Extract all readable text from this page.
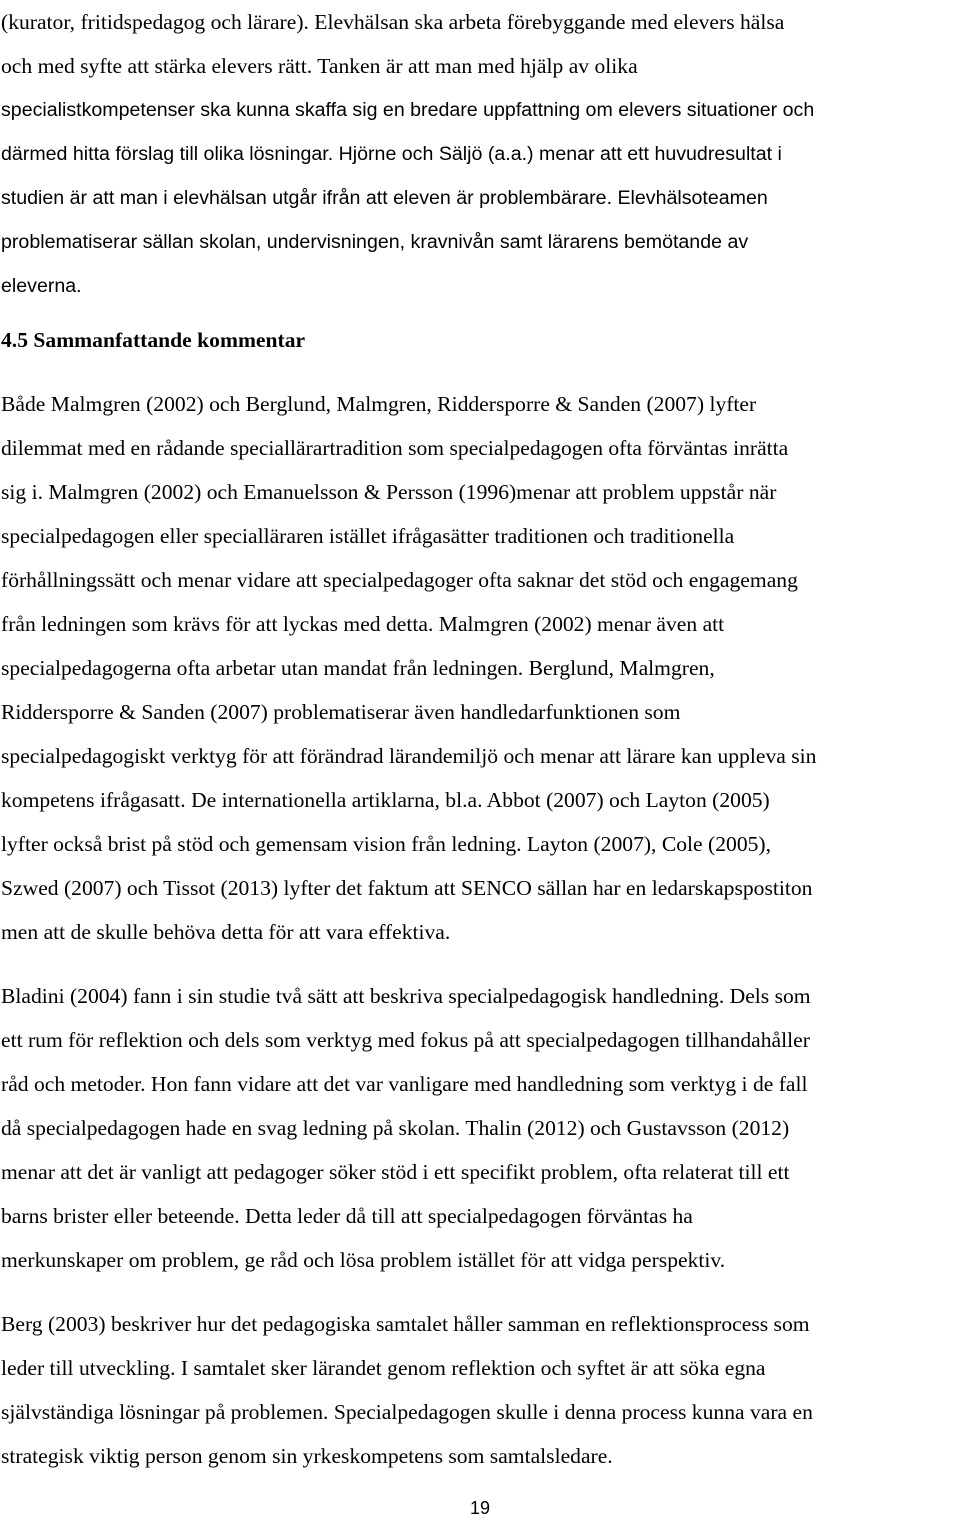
(kurator, fritidspedagog och lärare). Elevhälsan ska arbeta förebyggande med elevers hälsa
och med syfte att stärka elevers rätt. Tanken är att man med hjälp av olika
specialistkompetenser ska kunna skaffa sig en bredare uppfattning om elevers situationer och
därmed hitta förslag till olika lösningar. Hjörne och Säljö (a.a.) menar att ett huvudresultat i
studien är att man i elevhälsan utgår ifrån att eleven är problembärare. Elevhälsoteamen
problematiserar sällan skolan, undervisningen, kravnivån samt lärarens bemötande av
eleverna.
4.5 Sammanfattande kommentar
Både Malmgren (2002) och Berglund, Malmgren, Riddersporre & Sanden (2007) lyfter
dilemmat med en rådande speciallärartradition som specialpedagogen ofta förväntas inrätta
sig i. Malmgren (2002) och Emanuelsson & Persson (1996)menar att problem uppstår när
specialpedagogen eller specialläraren istället ifrågasätter traditionen och traditionella
förhållningssätt och menar vidare att specialpedagoger ofta saknar det stöd och engagemang
från ledningen som krävs för att lyckas med detta. Malmgren (2002) menar även att
specialpedagogerna ofta arbetar utan mandat från ledningen. Berglund, Malmgren,
Riddersporre & Sanden (2007) problematiserar även handledarfunktionen som
specialpedagogiskt verktyg för att förändrad lärandemiljö och menar att lärare kan uppleva sin
kompetens ifrågasatt. De internationella artiklarna, bl.a. Abbot (2007) och Layton (2005)
lyfter också brist på stöd och gemensam vision från ledning. Layton (2007), Cole (2005),
Szwed (2007) och Tissot (2013) lyfter det faktum att SENCO sällan har en ledarskapspostiton
men att de skulle behöva detta för att vara effektiva.
Bladini (2004) fann i sin studie två sätt att beskriva specialpedagogisk handledning. Dels som
ett rum för reflektion och dels som verktyg med fokus på att specialpedagogen tillhandahåller
råd och metoder. Hon fann vidare att det var vanligare med handledning som verktyg i de fall
då specialpedagogen hade en svag ledning på skolan. Thalin (2012) och Gustavsson (2012)
menar att det är vanligt att pedagoger söker stöd i ett specifikt problem, ofta relaterat till ett
barns brister eller beteende. Detta leder då till att specialpedagogen förväntas ha
merkunskaper om problem, ge råd och lösa problem istället för att vidga perspektiv.
Berg (2003) beskriver hur det pedagogiska samtalet håller samman en reflektionsprocess som
leder till utveckling. I samtalet sker lärandet genom reflektion och syftet är att söka egna
självständiga lösningar på problemen. Specialpedagogen skulle i denna process kunna vara en
strategisk viktig person genom sin yrkeskompetens som samtalsledare.
19
